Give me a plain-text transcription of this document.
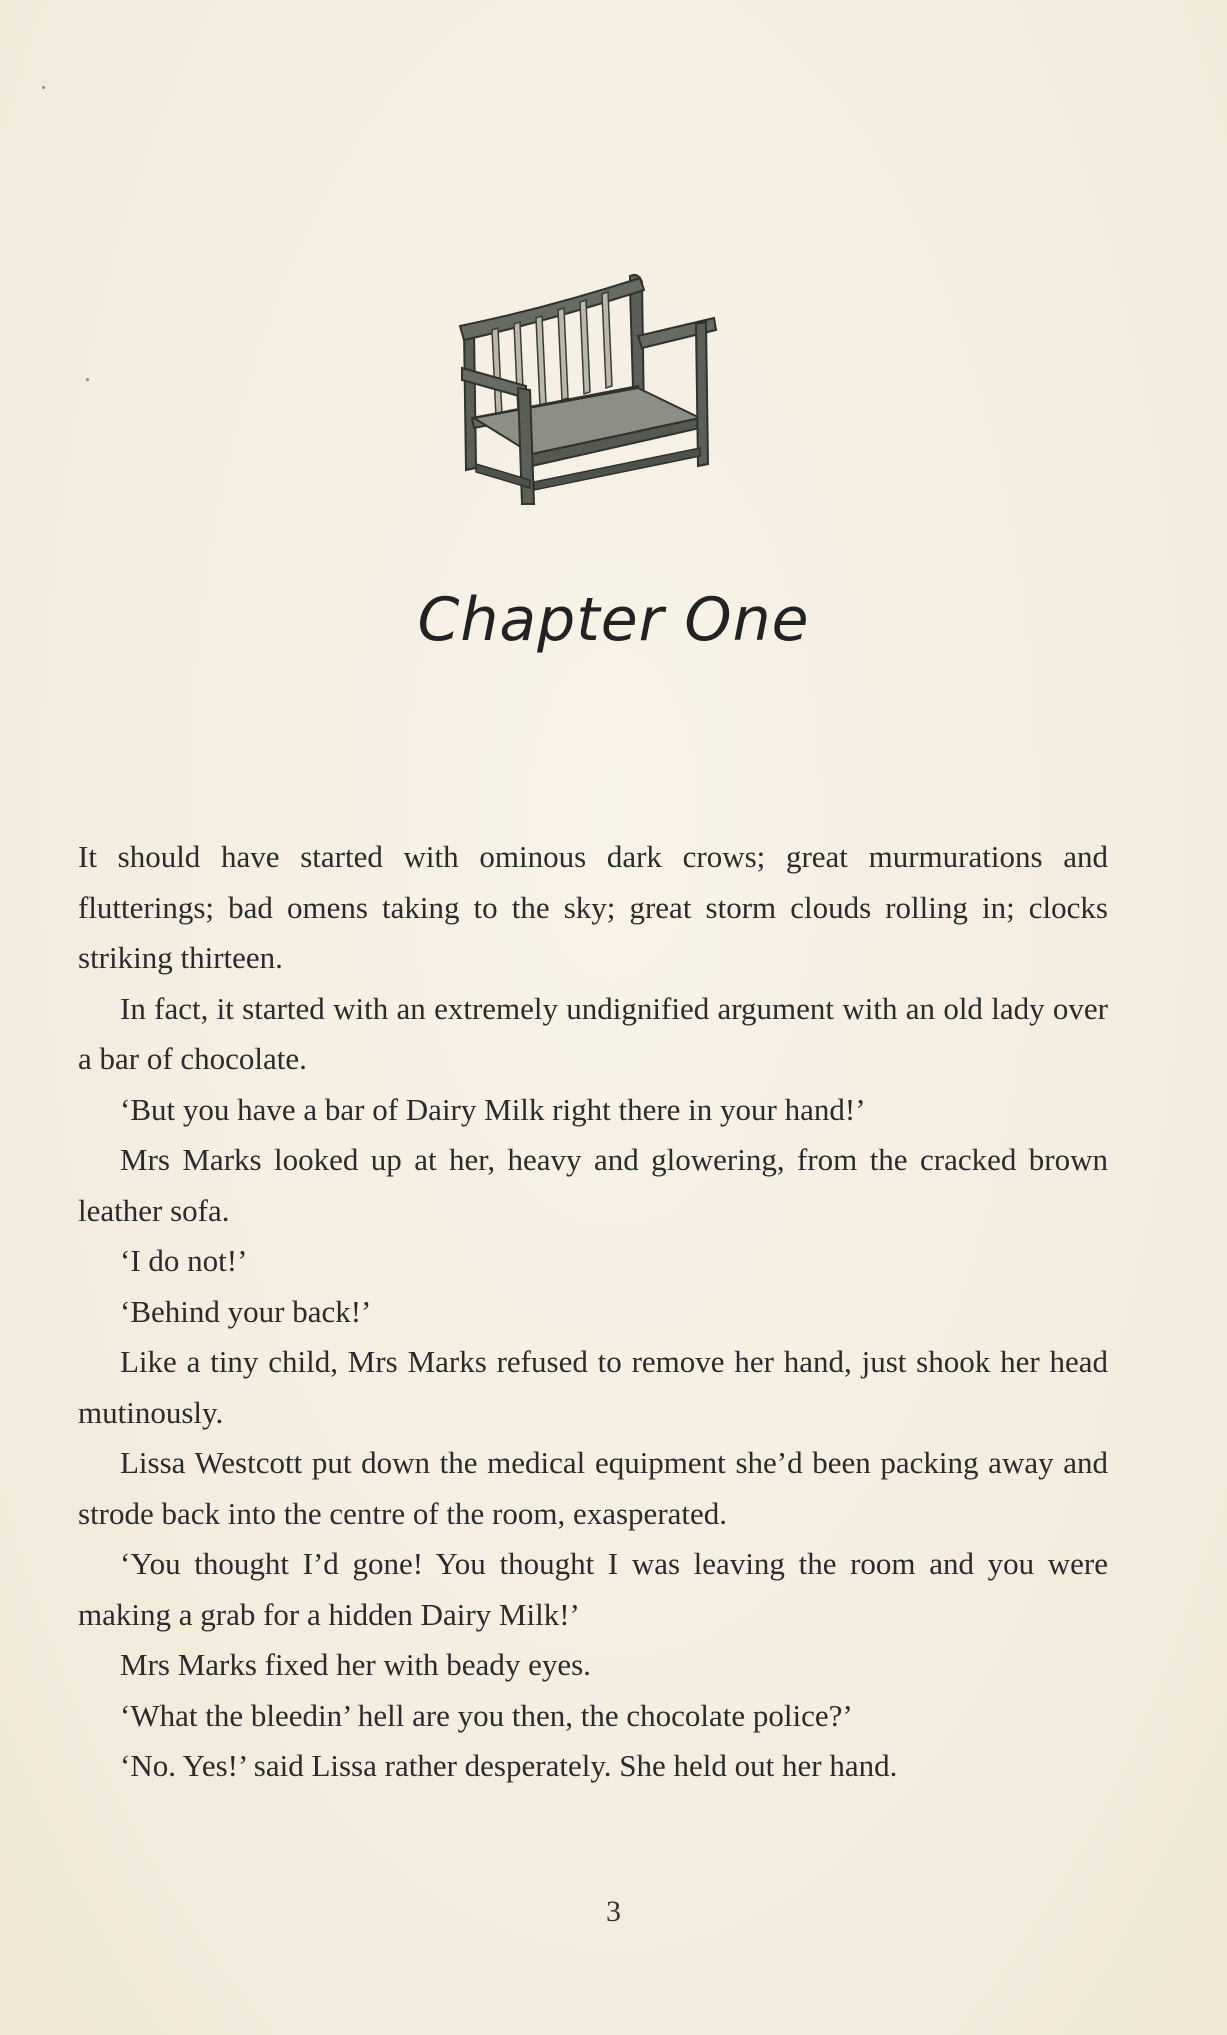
Chapter One

It should have started with ominous dark crows; great murmurations and flutterings; bad omens taking to the sky; great storm clouds rolling in; clocks striking thirteen.

In fact, it started with an extremely undignified argument with an old lady over a bar of chocolate.

‘But you have a bar of Dairy Milk right there in your hand!’

Mrs Marks looked up at her, heavy and glowering, from the cracked brown leather sofa.

‘I do not!’

‘Behind your back!’

Like a tiny child, Mrs Marks refused to remove her hand, just shook her head mutinously.

Lissa Westcott put down the medical equipment she’d been packing away and strode back into the centre of the room, exasperated.

‘You thought I’d gone! You thought I was leaving the room and you were making a grab for a hidden Dairy Milk!’

Mrs Marks fixed her with beady eyes.

‘What the bleedin’ hell are you then, the chocolate police?’

‘No. Yes!’ said Lissa rather desperately. She held out her hand.

3
